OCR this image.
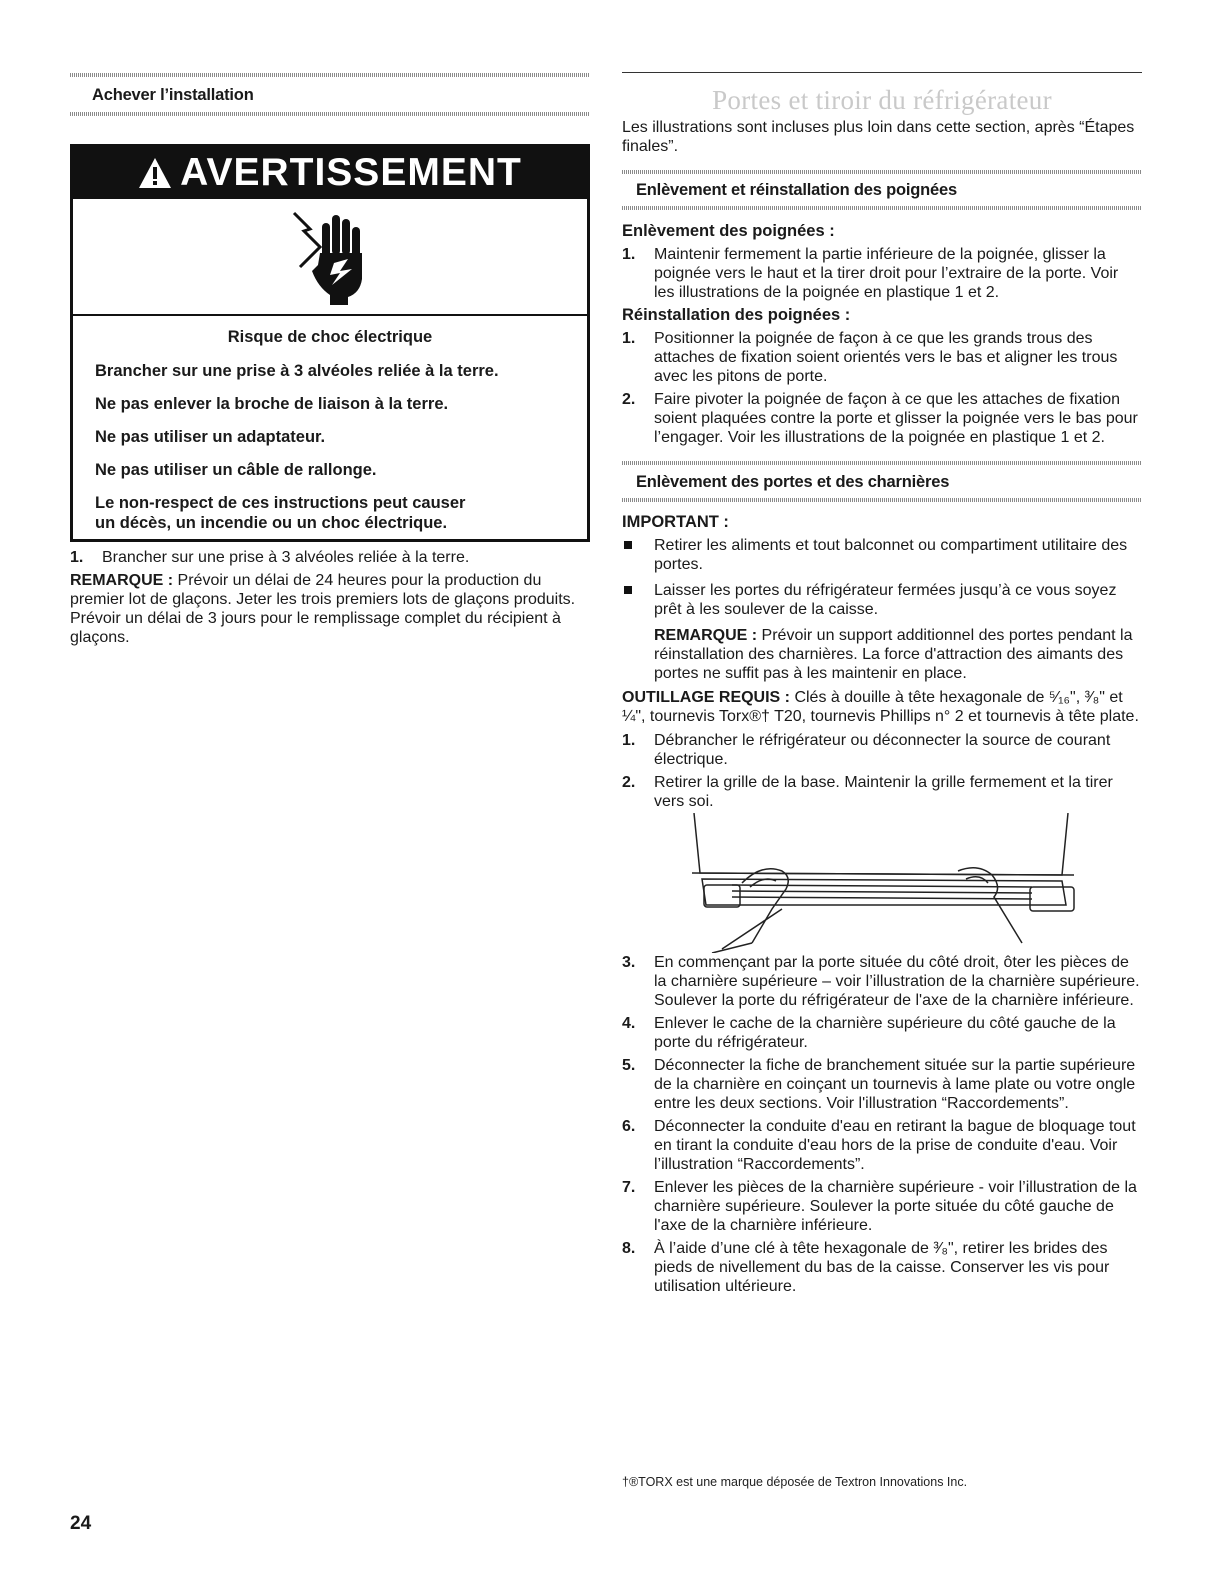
Achever l’installation
AVERTISSEMENT
Risque de choc électrique

Brancher sur une prise à 3 alvéoles reliée à la terre.

Ne pas enlever la broche de liaison à la terre.

Ne pas utiliser un adaptateur.

Ne pas utiliser un câble de rallonge.

Le non-respect de ces instructions peut causer

un décès, un incendie ou un choc électrique.

1. Brancher sur une prise à 3 alvéoles reliée à la terre.
REMARQUE : Prévoir un délai de 24 heures pour la production du premier lot de glaçons. Jeter les trois premiers lots de glaçons produits. Prévoir un délai de 3 jours pour le remplissage complet du récipient à glaçons.
Portes et tiroir du réfrigérateur
Les illustrations sont incluses plus loin dans cette section, après “Étapes finales”.
Enlèvement et réinstallation des poignées
Enlèvement des poignées :
1. Maintenir fermement la partie inférieure de la poignée, glisser la poignée vers le haut et la tirer droit pour l’extraire de la porte. Voir les illustrations de la poignée en plastique 1 et 2.
Réinstallation des poignées :
1. Positionner la poignée de façon à ce que les grands trous des attaches de fixation soient orientés vers le bas et aligner les trous avec les pitons de porte.
2. Faire pivoter la poignée de façon à ce que les attaches de fixation soient plaquées contre la porte et glisser la poignée vers le bas pour l’engager. Voir les illustrations de la poignée en plastique 1 et 2.
Enlèvement des portes et des charnières
IMPORTANT :
Retirer les aliments et tout balconnet ou compartiment utilitaire des portes.
Laisser les portes du réfrigérateur fermées jusqu’à ce vous soyez prêt à les soulever de la caisse.
REMARQUE : Prévoir un support additionnel des portes pendant la réinstallation des charnières. La force d'attraction des aimants des portes ne suffit pas à les maintenir en place.
OUTILLAGE REQUIS : Clés à douille à tête hexagonale de ⁵⁄₁₆", ³⁄₈" et ¼", tournevis Torx®† T20, tournevis Phillips n° 2 et tournevis à tête plate.
1. Débrancher le réfrigérateur ou déconnecter la source de courant électrique.
2. Retirer la grille de la base. Maintenir la grille fermement et la tirer vers soi.
3. En commençant par la porte située du côté droit, ôter les pièces de la charnière supérieure – voir l’illustration de la charnière supérieure. Soulever la porte du réfrigérateur de l'axe de la charnière inférieure.
4. Enlever le cache de la charnière supérieure du côté gauche de la porte du réfrigérateur.
5. Déconnecter la fiche de branchement située sur la partie supérieure de la charnière en coinçant un tournevis à lame plate ou votre ongle entre les deux sections. Voir l'illustration “Raccordements”.
6. Déconnecter la conduite d'eau en retirant la bague de bloquage tout en tirant la conduite d'eau hors de la prise de conduite d'eau. Voir l’illustration “Raccordements”.
7. Enlever les pièces de la charnière supérieure - voir l’illustration de la charnière supérieure. Soulever la porte située du côté gauche de l'axe de la charnière inférieure.
8. À l’aide d’une clé à tête hexagonale de ³⁄₈", retirer les brides des pieds de nivellement du bas de la caisse. Conserver les vis pour utilisation ultérieure.
†®TORX est une marque déposée de Textron Innovations Inc.
24
